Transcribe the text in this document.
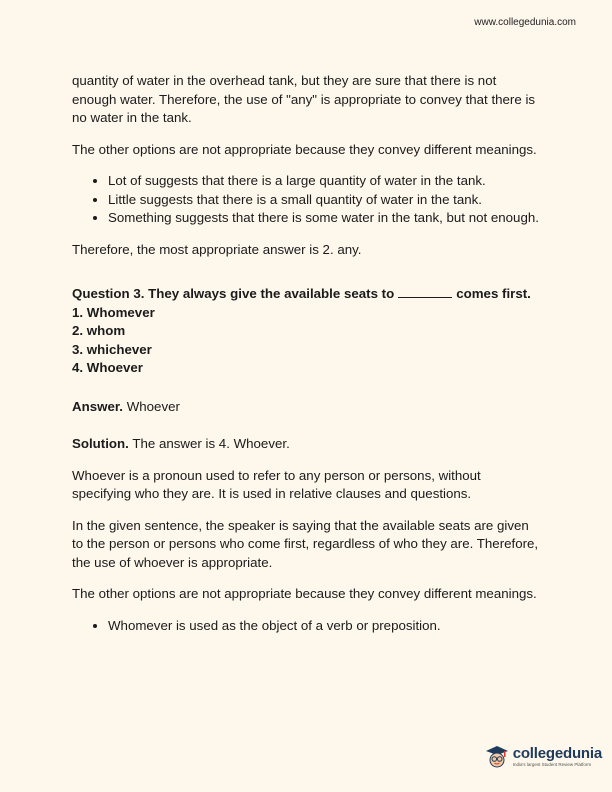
www.collegedunia.com

quantity of water in the overhead tank, but they are sure that there is not enough water. Therefore, the use of "any" is appropriate to convey that there is no water in the tank.

The other options are not appropriate because they convey different meanings.

• Lot of suggests that there is a large quantity of water in the tank.
• Little suggests that there is a small quantity of water in the tank.
• Something suggests that there is some water in the tank, but not enough.

Therefore, the most appropriate answer is 2. any.

Question 3. They always give the available seats to	comes first.
1. Whomever
2. whom
3. whichever
4. Whoever

Answer. Whoever

Solution. The answer is 4. Whoever.

Whoever is a pronoun used to refer to any person or persons, without specifying who they are. It is used in relative clauses and questions.

In the given sentence, the speaker is saying that the available seats are given to the person or persons who come first, regardless of who they are. Therefore, the use of whoever is appropriate.

The other options are not appropriate because they convey different meanings.

• Whomever is used as the object of a verb or preposition.
collegedunia
India's largest Student Review Platform
